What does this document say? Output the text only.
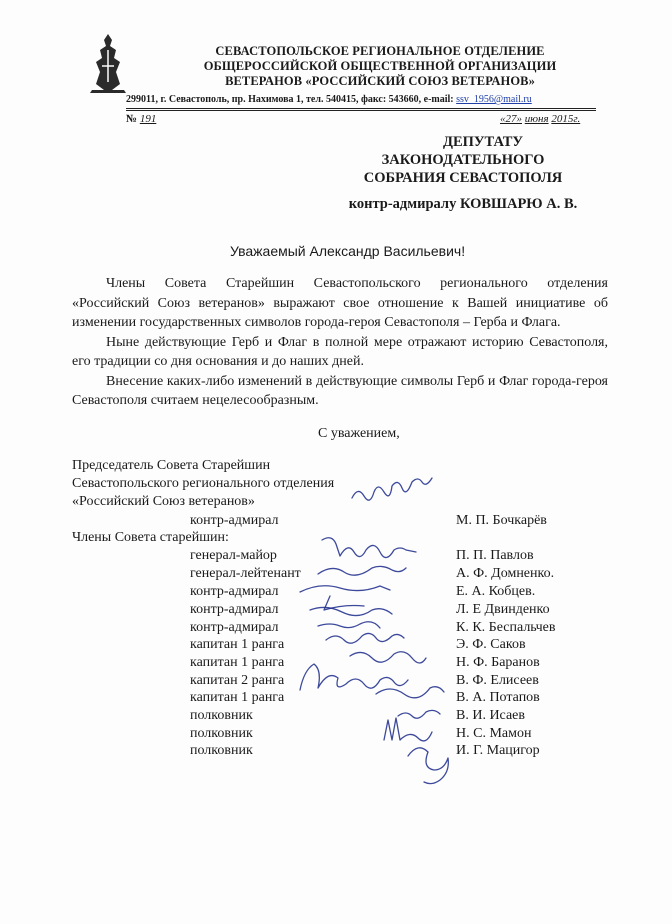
СЕВАСТОПОЛЬСКОЕ РЕГИОНАЛЬНОЕ ОТДЕЛЕНИЕ
ОБЩЕРОССИЙСКОЙ ОБЩЕСТВЕННОЙ ОРГАНИЗАЦИИ
ВЕТЕРАНОВ «РОССИЙСКИЙ СОЮЗ ВЕТЕРАНОВ»
299011, г. Севастополь, пр. Нахимова 1, тел. 540415, факс: 543660, e-mail: ssv_1956@mail.ru
№ 191	«27» июня 2015г.
ДЕПУТАТУ
ЗАКОНОДАТЕЛЬНОГО
СОБРАНИЯ СЕВАСТОПОЛЯ
контр-адмиралу КОВШАРЮ А. В.
Уважаемый Александр Васильевич!

Члены Совета Старейшин Севастопольского регионального отделения «Российский Союз ветеранов» выражают свое отношение к Вашей инициативе об изменении государственных символов города-героя Севастополя – Герба и Флага.

Ныне действующие Герб и Флаг в полной мере отражают историю Севастополя, его традиции со дня основания и до наших дней.

Внесение каких-либо изменений в действующие символы Герб и Флаг города-героя Севастополя считаем нецелесообразным.

С уважением,
Председатель Совета Старейшин
Севастопольского регионального отделения
«Российский Союз ветеранов»
контр-адмирал	М. П. Бочкарёв
Члены Совета старейшин:
генерал-майор	П. П. Павлов
генерал-лейтенант	А. Ф. Домненко.
контр-адмирал	Е. А. Кобцев.
контр-адмирал	Л. Е Двинденко
контр-адмирал	К. К. Беспальчев
капитан 1 ранга	Э. Ф. Саков
капитан 1 ранга	Н. Ф. Баранов
капитан 2 ранга	В. Ф. Елисеев
капитан 1 ранга	В. А. Потапов
полковник	В. И. Исаев
полковник	Н. С. Мамон
полковник	И. Г. Мацигор
